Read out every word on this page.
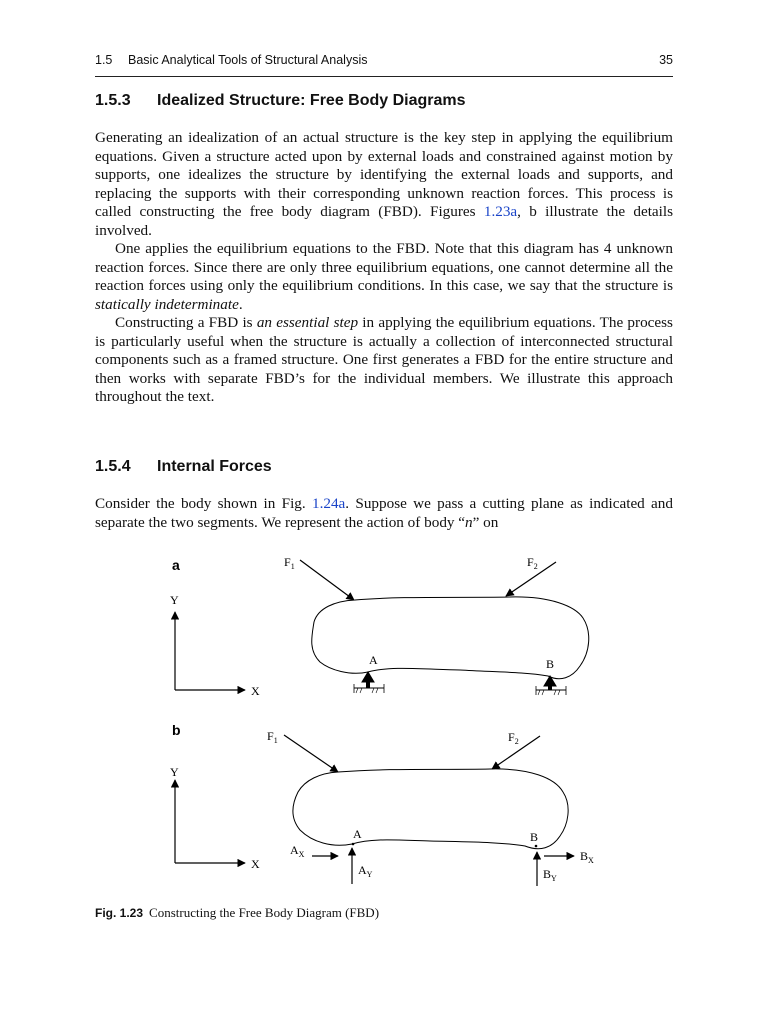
1.5 Basic Analytical Tools of Structural Analysis	35
1.5.3 Idealized Structure: Free Body Diagrams

Generating an idealization of an actual structure is the key step in applying the equilibrium equations. Given a structure acted upon by external loads and constrained against motion by supports, one idealizes the structure by identifying the external loads and supports, and replacing the supports with their corresponding unknown reaction forces. This process is called constructing the free body diagram (FBD). Figures 1.23a, b illustrate the details involved.

One applies the equilibrium equations to the FBD. Note that this diagram has 4 unknown reaction forces. Since there are only three equilibrium equations, one cannot determine all the reaction forces using only the equilibrium conditions. In this case, we say that the structure is statically indeterminate.

Constructing a FBD is an essential step in applying the equilibrium equations. The process is particularly useful when the structure is actually a collection of interconnected structural components such as a framed structure. One first generates a FBD for the entire structure and then works with separate FBD’s for the individual members. We illustrate this approach throughout the text.

1.5.4 Internal Forces

Consider the body shown in Fig. 1.24a. Suppose we pass a cutting plane as indicated and separate the two segments. We represent the action of body “n” on

a
Y
X
$F_1$	$F_2$
A	B
b
Y
X
$F_1$	$F_2$
A	B
$A_X$
$A_Y$
$B_X$
$B_Y$
Fig. 1.23 Constructing the Free Body Diagram (FBD)
